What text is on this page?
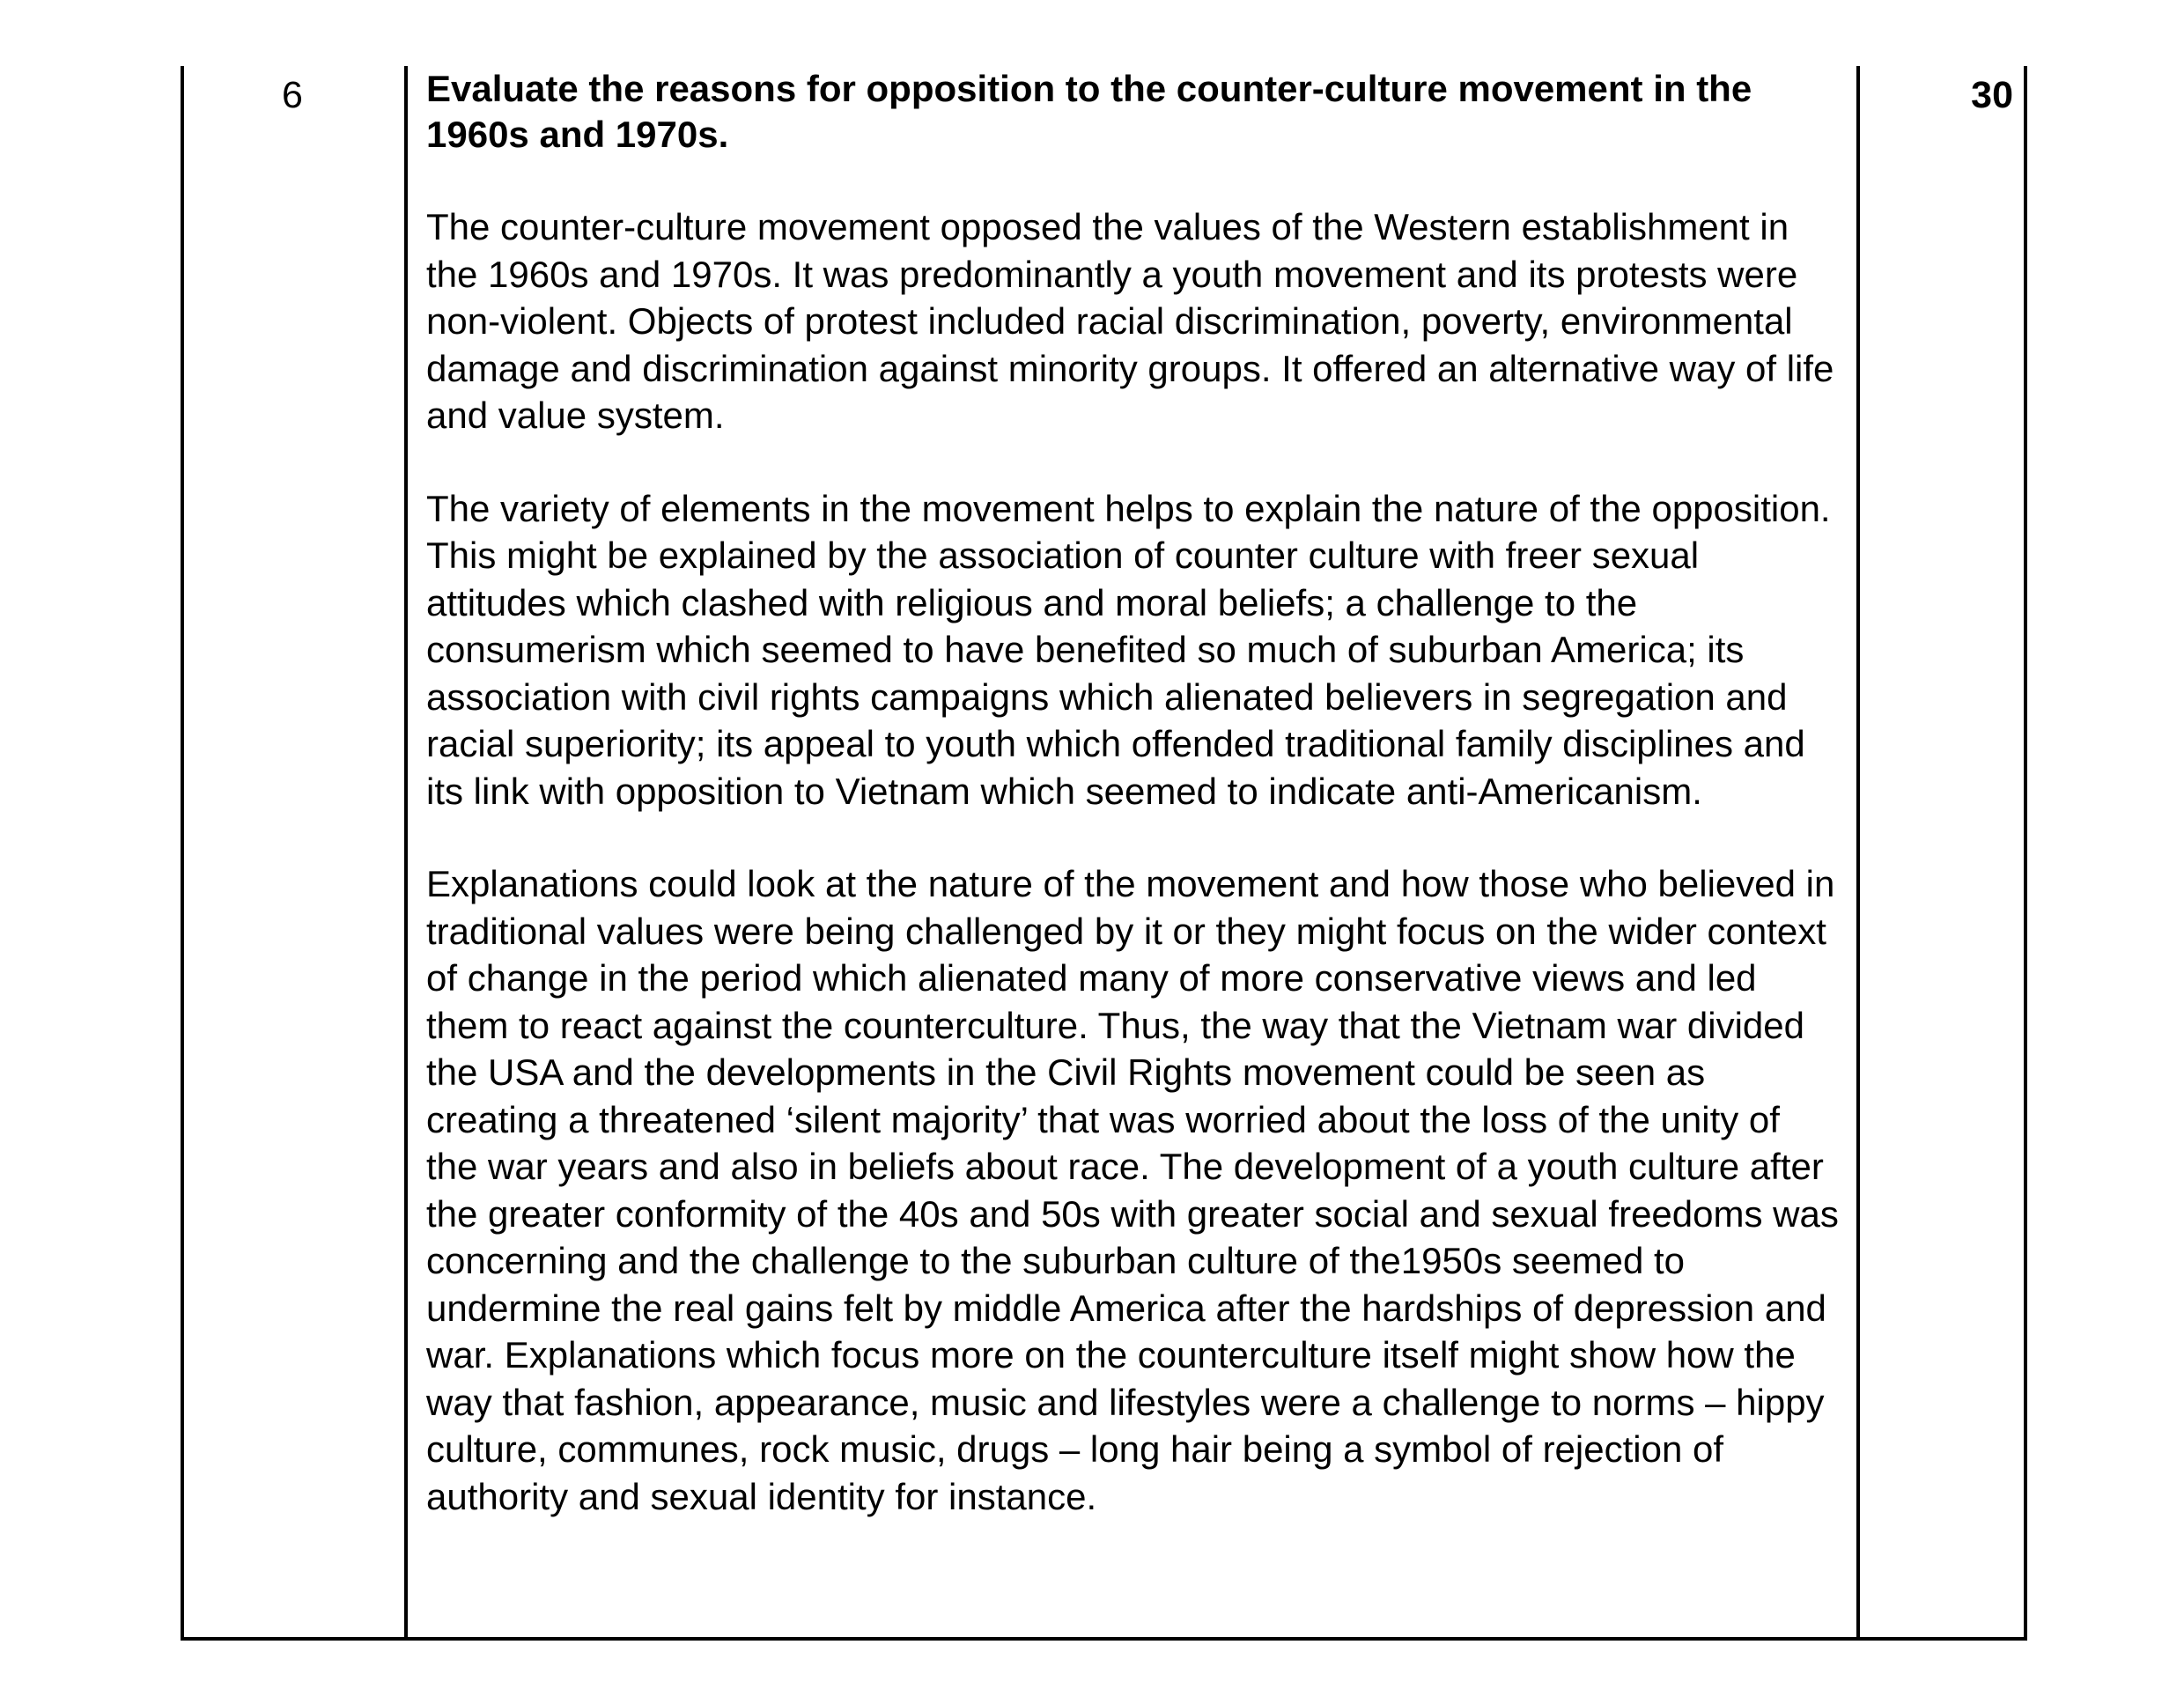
6	Evaluate the reasons for opposition to the counter-culture movement in the 1960s and 1970s.

The counter-culture movement opposed the values of the Western establishment in the 1960s and 1970s. It was predominantly a youth movement and its protests were non-violent. Objects of protest included racial discrimination, poverty, environmental damage and discrimination against minority groups. It offered an alternative way of life and value system.

The variety of elements in the movement helps to explain the nature of the opposition. This might be explained by the association of counter culture with freer sexual attitudes which clashed with religious and moral beliefs; a challenge to the consumerism which seemed to have benefited so much of suburban America; its association with civil rights campaigns which alienated believers in segregation and racial superiority; its appeal to youth which offended traditional family disciplines and its link with opposition to Vietnam which seemed to indicate anti-Americanism.

Explanations could look at the nature of the movement and how those who believed in traditional values were being challenged by it or they might focus on the wider context of change in the period which alienated many of more conservative views and led them to react against the counterculture. Thus, the way that the Vietnam war divided the USA and the developments in the Civil Rights movement could be seen as creating a threatened ‘silent majority’ that was worried about the loss of the unity of the war years and also in beliefs about race. The development of a youth culture after the greater conformity of the 40s and 50s with greater social and sexual freedoms was concerning and the challenge to the suburban culture of the1950s seemed to undermine the real gains felt by middle America after the hardships of depression and war. Explanations which focus more on the counterculture itself might show how the way that fashion, appearance, music and lifestyles were a challenge to norms – hippy culture, communes, rock music, drugs – long hair being a symbol of rejection of authority and sexual identity for instance.

30
